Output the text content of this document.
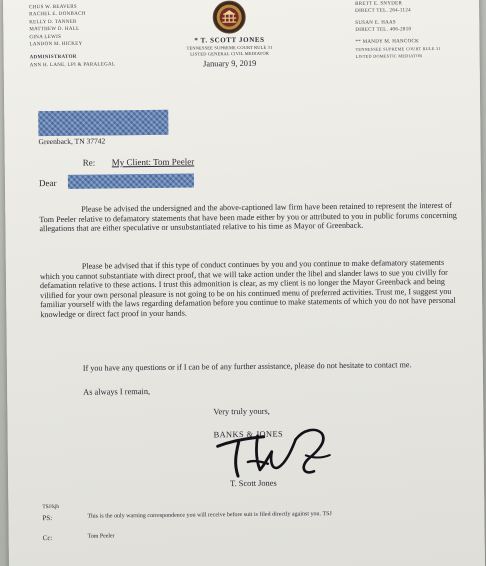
CHUS W. BEAVERS
RACHEL E. DONBACH
KELLY D. TANNER
MATTHEW D. HALL
GINA LEWIS
LANDON M. HICKEY
ADMINISTRATOR
ANN H. LANE, LPI & PARALEGAL
* T. SCOTT JONES
TENNESSEE SUPREME COURT RULE 31
LISTED GENERAL CIVIL MEDIATOR
January 9, 2019
BRETT E. SNYDER
DIRECT TEL. 264-1124
SUSAN E. HAAS
DIRECT TEL. 406-2810
** MANDY M. HANCOCK
TENNESSEE SUPREME COURT RULE 31
LISTED DOMESTIC MEDIATOR
Greenback, TN 37742
Re: My Client: Tom Peeler
Dear

Please be advised the undersigned and the above-captioned law firm have been retained to represent the interest of Tom Peeler relative to defamatory statements that have been made either by you or attributed to you in public forums concerning allegations that are either speculative or unsubstantiated relative to his time as Mayor of Greenback.

Please be advised that if this type of conduct continues by you and you continue to make defamatory statements which you cannot substantiate with direct proof, that we will take action under the libel and slander laws to sue you civilly for defamation relative to these actions. I trust this admonition is clear, as my client is no longer the Mayor Greenback and being vilified for your own personal pleasure is not going to be on his continued menu of preferred activities. Trust me, I suggest you familiar yourself with the laws regarding defamation before you continue to make statements of which you do not have personal knowledge or direct fact proof in your hands.

If you have any questions or if I can be of any further assistance, please do not hesitate to contact me.

As always I remain,
Very truly yours,
BANKS & JONES
T. Scott Jones
TSJ/kjb
PS:	This is the only warning correspondence you will receive before suit is filed directly against you. TSJ
Cc:	Tom Peeler
